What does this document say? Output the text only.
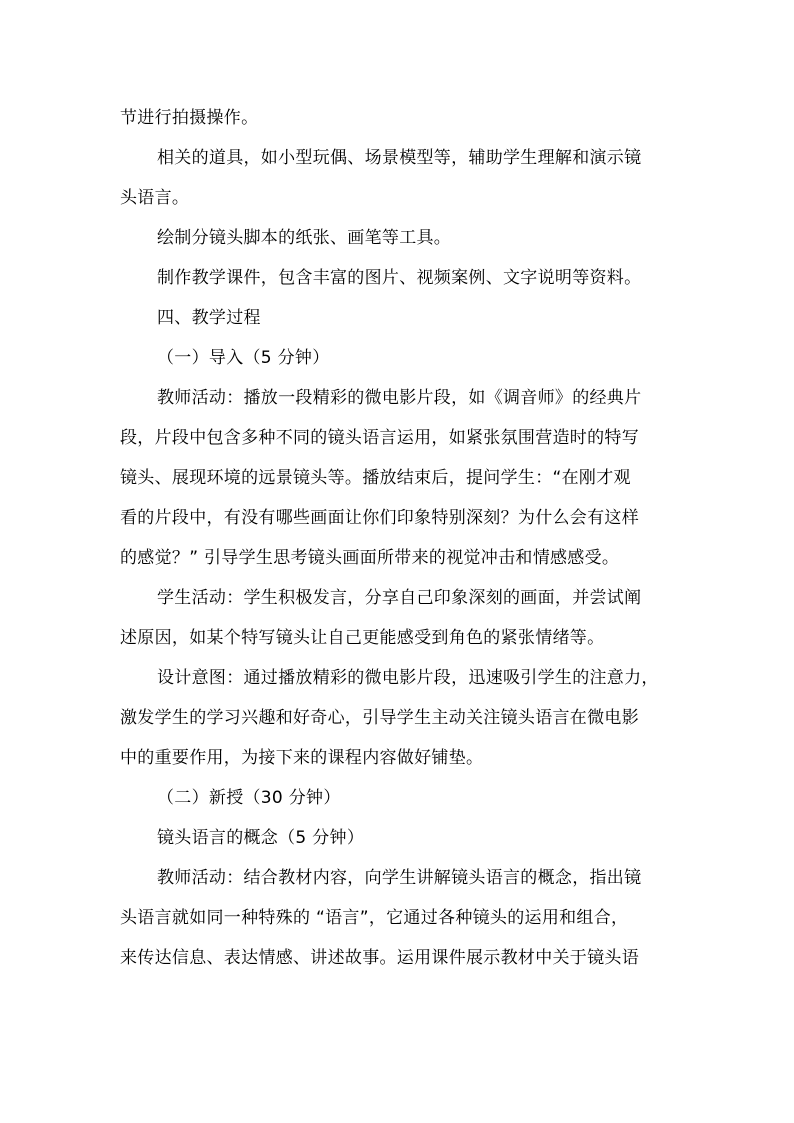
节进行拍摄操作。

相关的道具，如小型玩偶、场景模型等，辅助学生理解和演示镜
头语言。

绘制分镜头脚本的纸张、画笔等工具。

制作教学课件，包含丰富的图片、视频案例、文字说明等资料。

四、教学过程

（一）导入（5 分钟）

教师活动：播放一段精彩的微电影片段，如《调音师》的经典片
段，片段中包含多种不同的镜头语言运用，如紧张氛围营造时的特写
镜头、展现环境的远景镜头等。播放结束后，提问学生：“在刚才观
看的片段中，有没有哪些画面让你们印象特别深刻？为什么会有这样
的感觉？” 引导学生思考镜头画面所带来的视觉冲击和情感感受。

学生活动：学生积极发言，分享自己印象深刻的画面，并尝试阐
述原因，如某个特写镜头让自己更能感受到角色的紧张情绪等。

设计意图：通过播放精彩的微电影片段，迅速吸引学生的注意力，
激发学生的学习兴趣和好奇心，引导学生主动关注镜头语言在微电影
中的重要作用，为接下来的课程内容做好铺垫。

（二）新授（30 分钟）

镜头语言的概念（5 分钟）

教师活动：结合教材内容，向学生讲解镜头语言的概念，指出镜
头语言就如同一种特殊的 “语言”，它通过各种镜头的运用和组合，
来传达信息、表达情感、讲述故事。运用课件展示教材中关于镜头语
